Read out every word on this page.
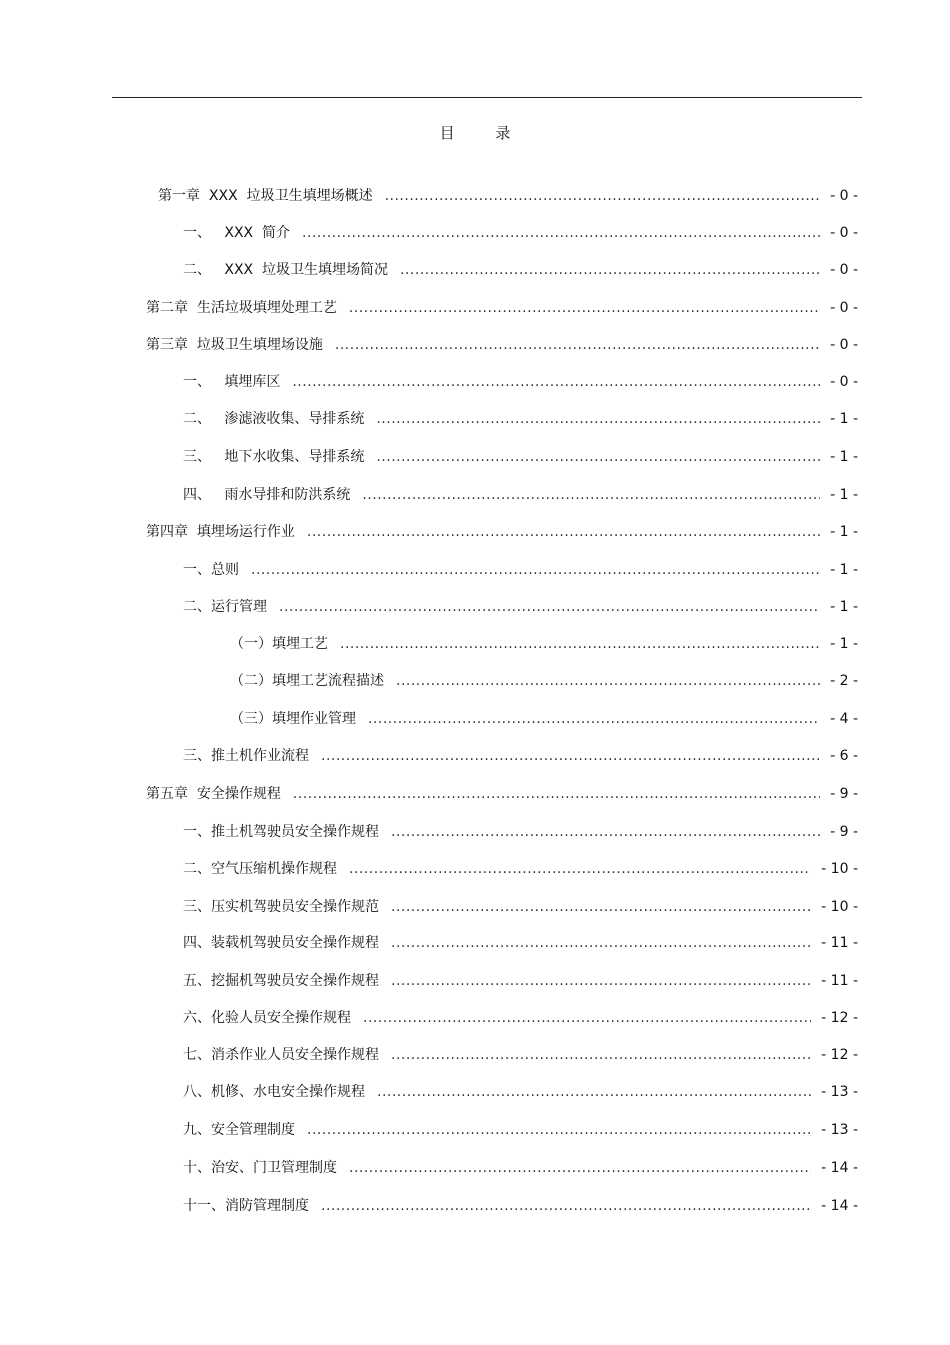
目 录
第一章  XXX  垃圾卫生填埋场概述 .....	- 0 -
一、   XXX  简介 .....	- 0 -
二、   XXX  垃圾卫生填埋场简况 .....	- 0 -
第二章  生活垃圾填埋处理工艺 .....	- 0 -
第三章  垃圾卫生填埋场设施 .....	- 0 -
一、   填埋库区 .....	- 0 -
二、   渗滤液收集、导排系统 .....	- 1 -
三、   地下水收集、导排系统 .....	- 1 -
四、   雨水导排和防洪系统 .....	- 1 -
第四章  填埋场运行作业 .....	- 1 -
一、总则 .....	- 1 -
二、运行管理 .....	- 1 -
（一）填埋工艺 .....	- 1 -
（二）填埋工艺流程描述 .....	- 2 -
（三）填埋作业管理 .....	- 4 -
三、推土机作业流程 .....	- 6 -
第五章  安全操作规程 .....	- 9 -
一、推土机驾驶员安全操作规程 .....	- 9 -
二、空气压缩机操作规程 .....	- 10 -
三、压实机驾驶员安全操作规范 .....	- 10 -
四、装载机驾驶员安全操作规程 .....	- 11 -
五、挖掘机驾驶员安全操作规程 .....	- 11 -
六、化验人员安全操作规程 .....	- 12 -
七、消杀作业人员安全操作规程 .....	- 12 -
八、机修、水电安全操作规程 .....	- 13 -
九、安全管理制度 .....	- 13 -
十、治安、门卫管理制度 .....	- 14 -
十一、消防管理制度 .....	- 14 -
